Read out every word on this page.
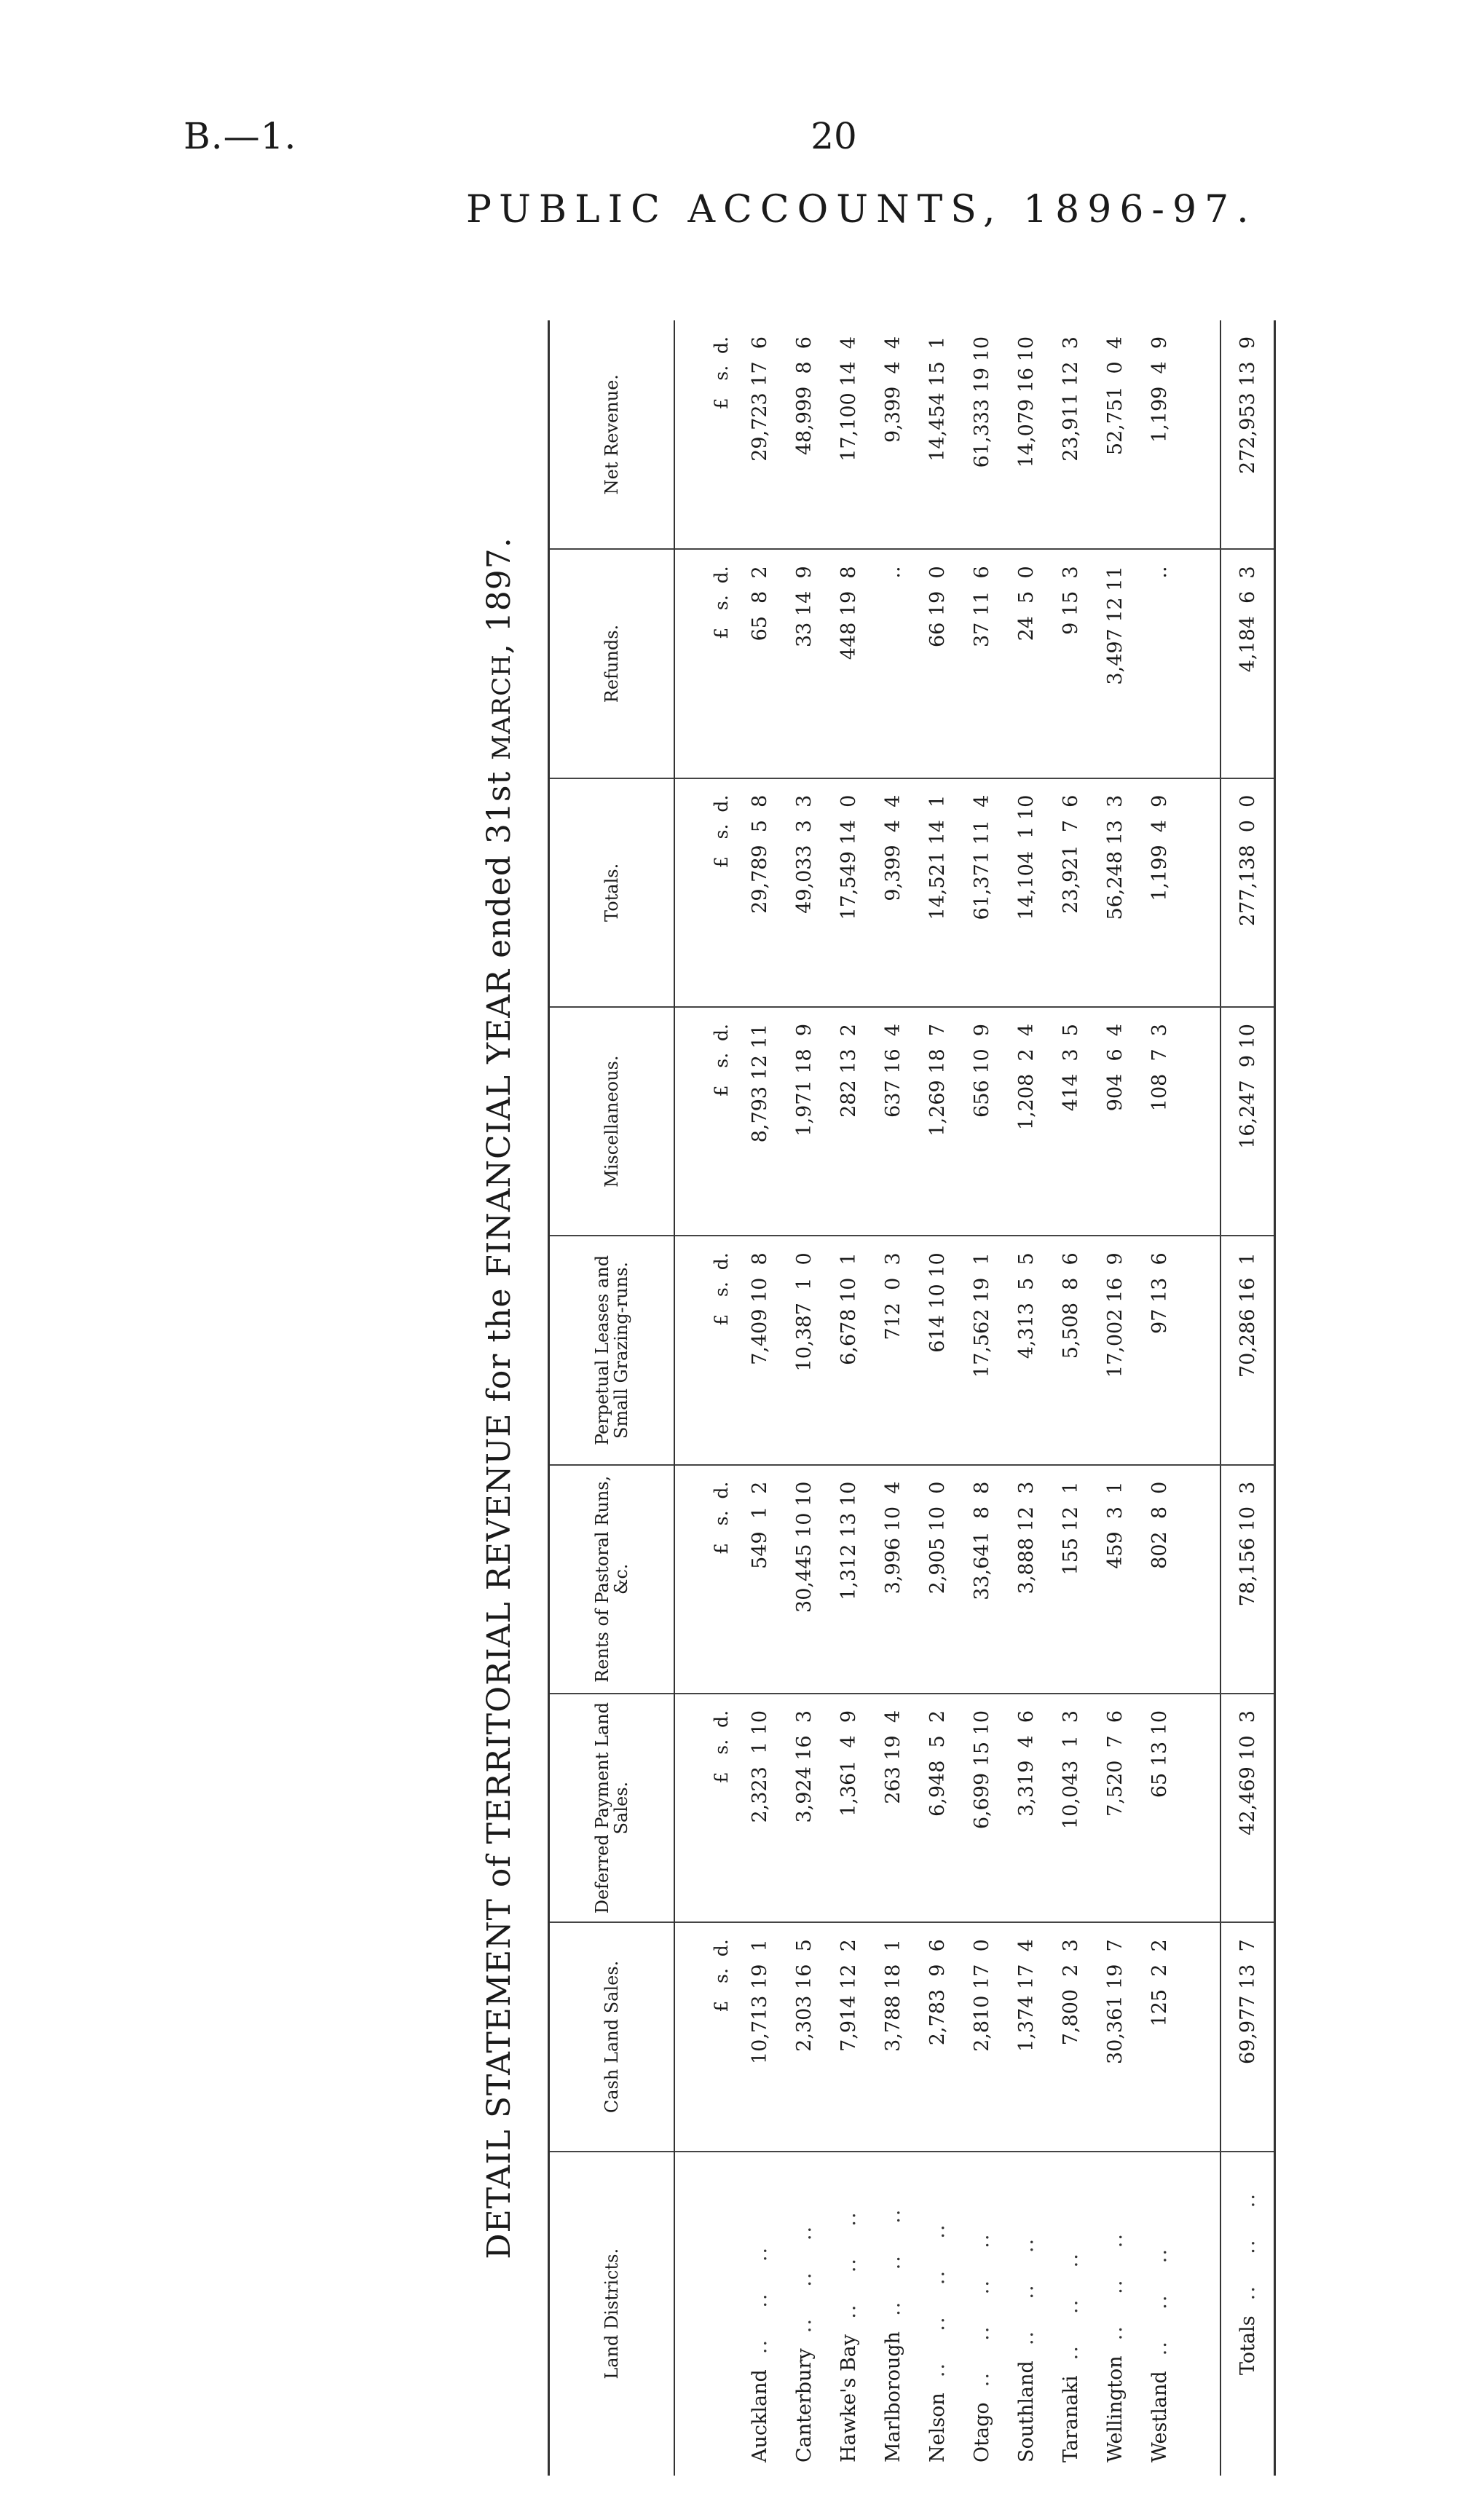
B.—1.	20
PUBLIC ACCOUNTS, 1896-97.
DETAIL STATEMENT of TERRITORIAL REVENUE for the FINANCIAL YEAR ended 31st MARCH, 1897.
Land Districts.	Cash Land Sales.	Deferred Payment Land Sales.	Rents of Pastoral Runs, &c.	Perpetual Leases and Small Grazing-runs.	Miscellaneous.	Totals.	Refunds.	Net Revenue.
	£   s.  d.	£   s.  d.	£   s.  d.	£   s.  d.	£   s.  d.	£   s.  d.	£   s.  d.	£   s.  d.
Auckland  ..    ..    ..	10,713 19  1	2,323  1 10	549  1  2	7,409 10  8	8,793 12 11	29,789  5  8	65  8  2	29,723 17  6
Canterbury  ..    ..    ..	2,303 16  5	3,924 16  3	30,445 10 10	10,387  1  0	1,971 18  9	49,033  3  3	33 14  9	48,999  8  6
Hawke's Bay  ..    ..    ..	7,914 12  2	1,361  4  9	1,312 13 10	6,678 10  1	282 13  2	17,549 14  0	448 19  8	17,100 14  4
Marlborough  ..    ..    ..	3,788 18  1	263 19  4	3,996 10  4	712  0  3	637 16  4	9,399  4  4	..	9,399  4  4
Nelson  ..    ..    ..    ..	2,783  9  6	6,948  5  2	2,905 10  0	614 10 10	1,269 18  7	14,521 14  1	66 19  0	14,454 15  1
Otago  ..    ..    ..    ..	2,810 17  0	6,699 15 10	33,641  8  8	17,562 19  1	656 10  9	61,371 11  4	37 11  6	61,333 19 10
Southland  ..    ..    ..	1,374 17  4	3,319  4  6	3,888 12  3	4,313  5  5	1,208  2  4	14,104  1 10	24  5  0	14,079 16 10
Taranaki  ..    ..    ..	7,800  2  3	10,043  1  3	155 12  1	5,508  8  6	414  3  5	23,921  7  6	9 15  3	23,911 12  3
Wellington  ..    ..    ..	30,361 19  7	7,520  7  6	459  3  1	17,002 16  9	904  6  4	56,248 13  3	3,497 12 11	52,751  0  4
Westland  ..    ..    ..	125  2  2	65 13 10	802  8  0	97 13  6	108  7  3	1,199  4  9	..	1,199  4  9

Totals  ..    ..    ..	69,977 13  7	42,469 10  3	78,156 10  3	70,286 16  1	16,247  9 10	277,138  0  0	4,184  6  3	272,953 13  9
